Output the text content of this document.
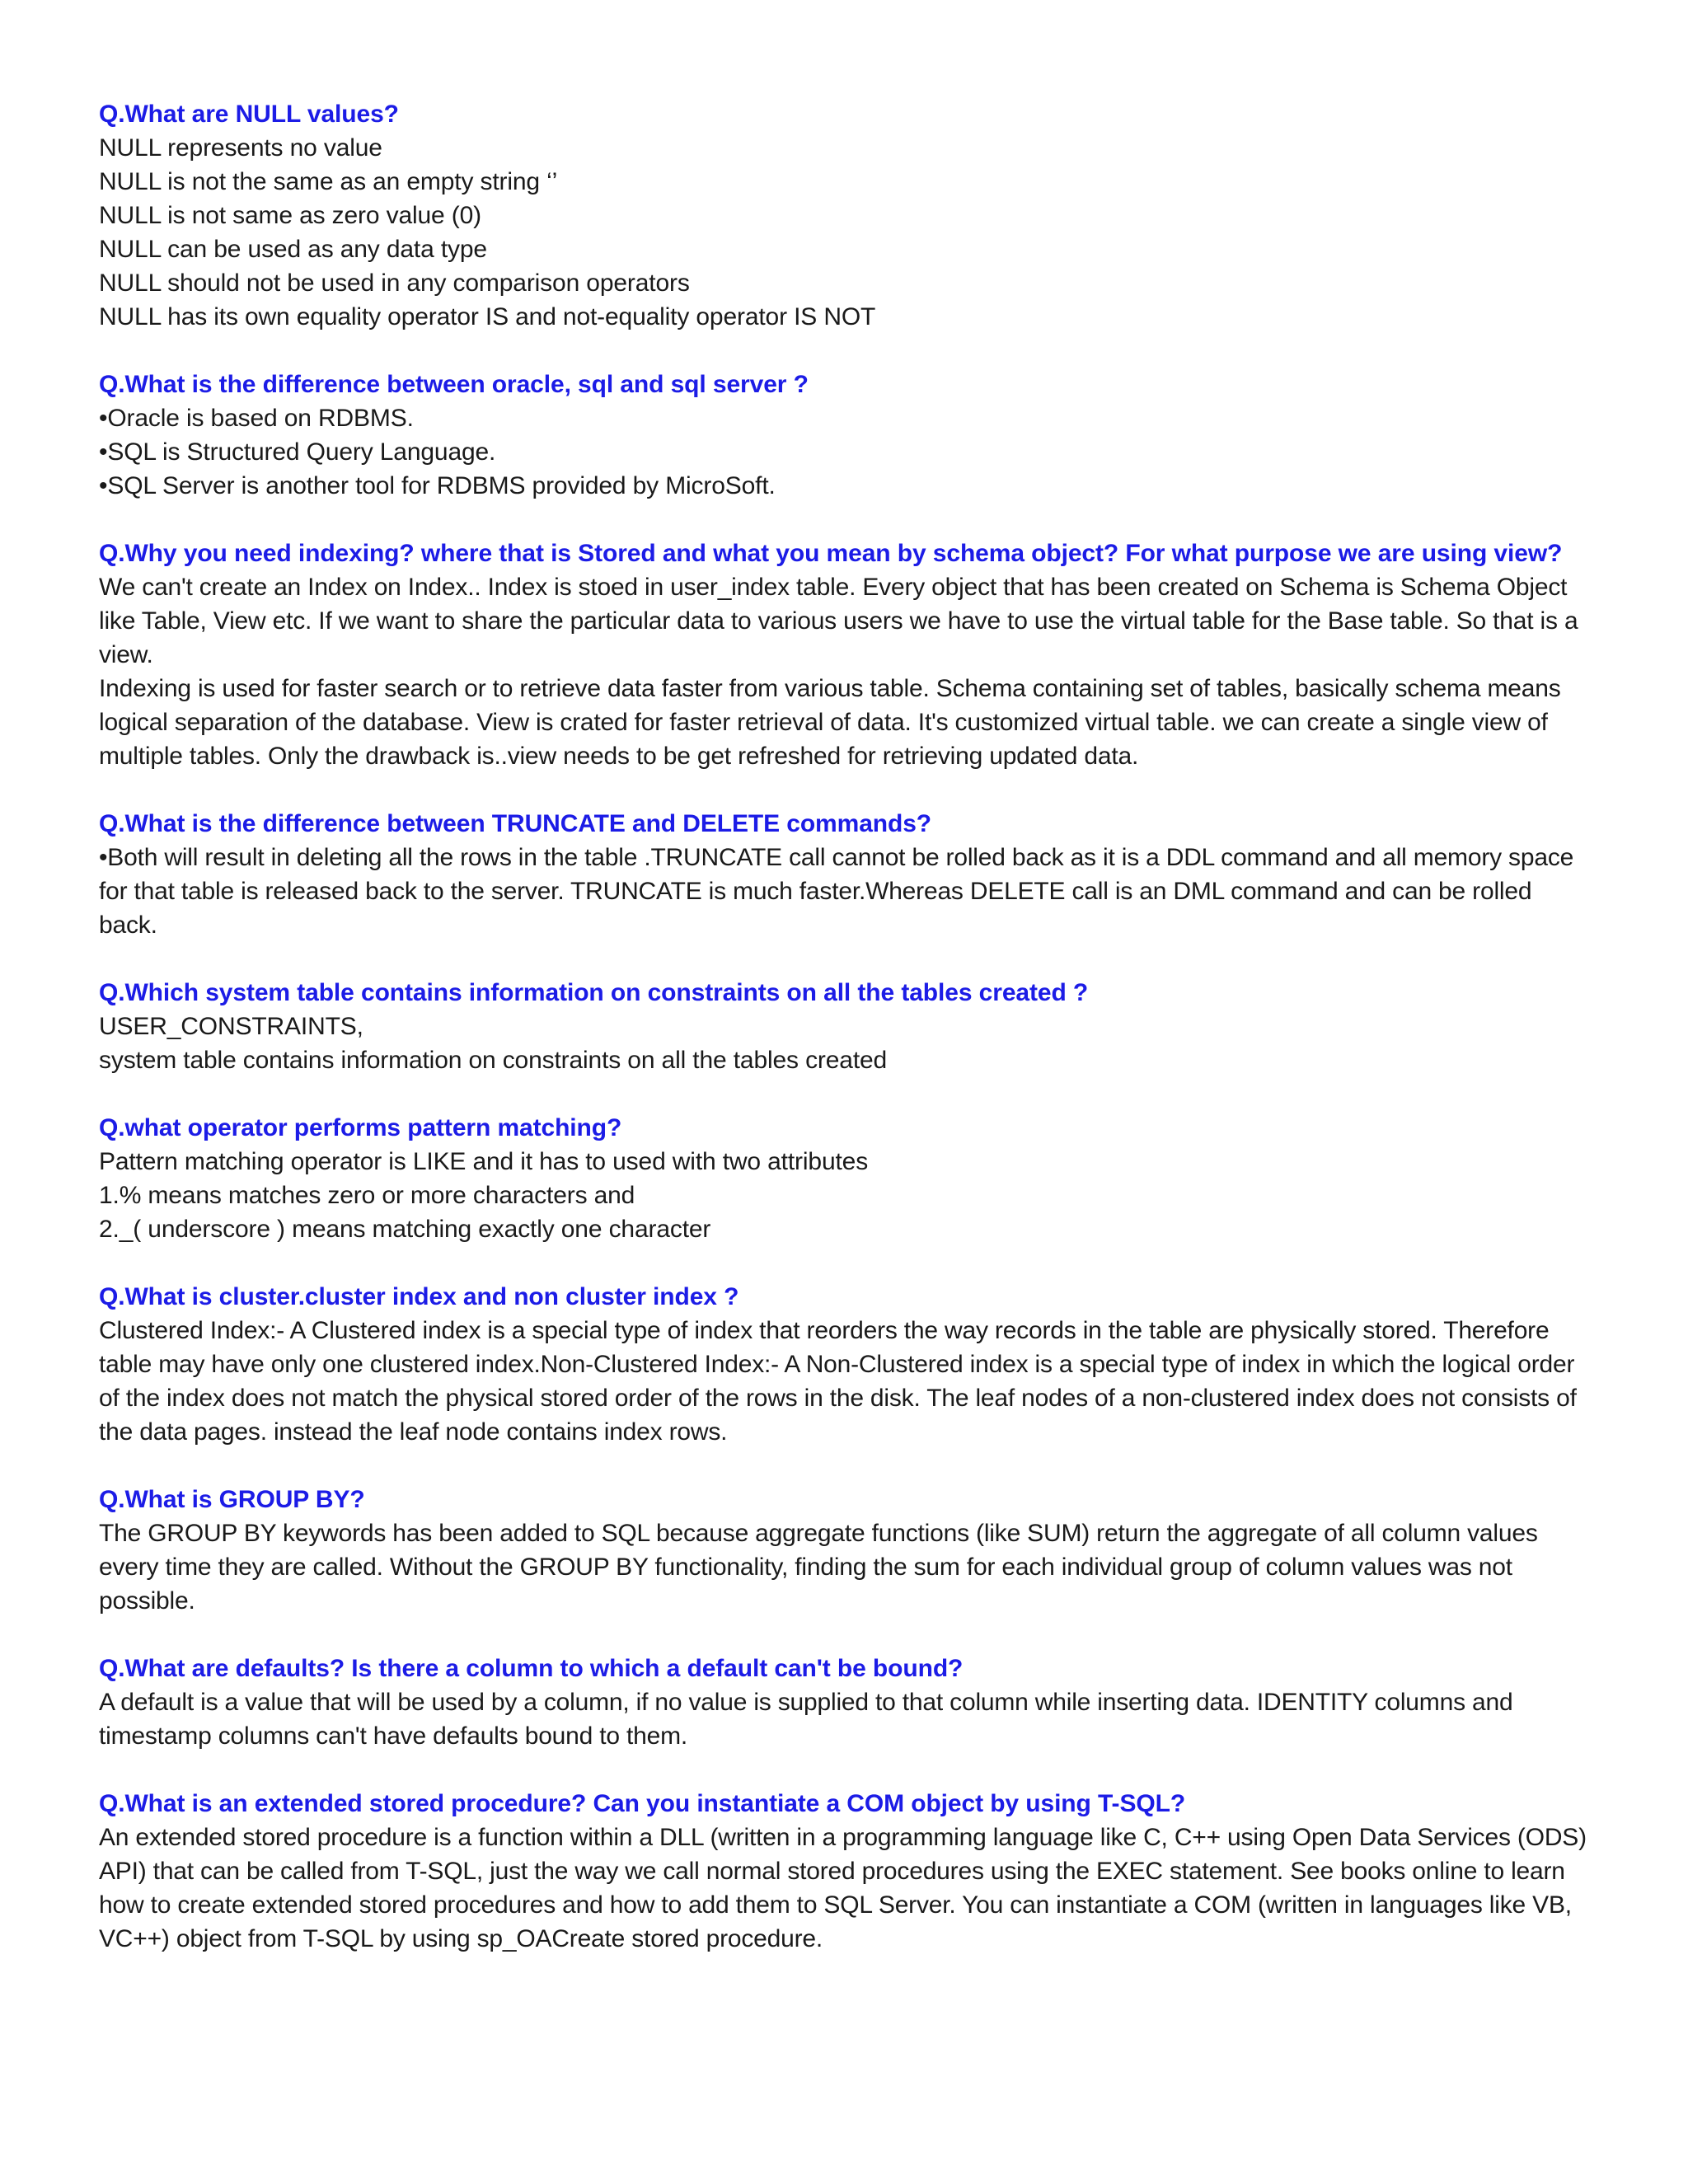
Q.What are NULL values?

NULL represents no value

NULL is not the same as an empty string ‘’

NULL is not same as zero value (0)

NULL can be used as any data type

NULL should not be used in any comparison operators

NULL has its own equality operator IS and not-equality operator IS NOT

Q.What is the difference between oracle, sql and sql server ?

•Oracle is based on RDBMS.

•SQL is Structured Query Language.

•SQL Server is another tool for RDBMS provided by MicroSoft.

Q.Why you need indexing? where that is Stored and what you mean by schema object? For what purpose we are using view?

We can't create an Index on Index.. Index is stoed in user_index table. Every object that has been created on Schema is Schema Object like Table, View etc. If we want to share the particular data to various users we have to use the virtual table for the Base table. So that is a view.

Indexing is used for faster search or to retrieve data faster from various table. Schema containing set of tables, basically schema means logical separation of the database. View is crated for faster retrieval of data. It's customized virtual table. we can create a single view of multiple tables. Only the drawback is..view needs to be get refreshed for retrieving updated data.

Q.What is the difference between TRUNCATE and DELETE commands?

•Both will result in deleting all the rows in the table .TRUNCATE call cannot be rolled back as it is a DDL command and all memory space for that table is released back to the server. TRUNCATE is much faster.Whereas DELETE call is an DML command and can be rolled back.

Q.Which system table contains information on constraints on all the tables created ?

USER_CONSTRAINTS,

system table contains information on constraints on all the tables created

Q.what operator performs pattern matching?

Pattern matching operator is LIKE and it has to used with two attributes

1.% means matches zero or more characters and

2._( underscore ) means matching exactly one character

Q.What is cluster.cluster index and non cluster index ?

Clustered Index:- A Clustered index is a special type of index that reorders the way records in the table are physically stored. Therefore table may have only one clustered index.Non-Clustered Index:- A Non-Clustered index is a special type of index in which the logical order of the index does not match the physical stored order of the rows in the disk. The leaf nodes of a non-clustered index does not consists of the data pages. instead the leaf node contains index rows.

Q.What is GROUP BY?

The GROUP BY keywords has been added to SQL because aggregate functions (like SUM) return the aggregate of all column values every time they are called. Without the GROUP BY functionality, finding the sum for each individual group of column values was not possible.

Q.What are defaults? Is there a column to which a default can't be bound?

A default is a value that will be used by a column, if no value is supplied to that column while inserting data. IDENTITY columns and timestamp columns can't have defaults bound to them.

Q.What is an extended stored procedure? Can you instantiate a COM object by using T-SQL?

An extended stored procedure is a function within a DLL (written in a programming language like C, C++ using Open Data Services (ODS) API) that can be called from T-SQL, just the way we call normal stored procedures using the EXEC statement. See books online to learn how to create extended stored procedures and how to add them to SQL Server. You can instantiate a COM (written in languages like VB, VC++) object from T-SQL by using sp_OACreate stored procedure.
